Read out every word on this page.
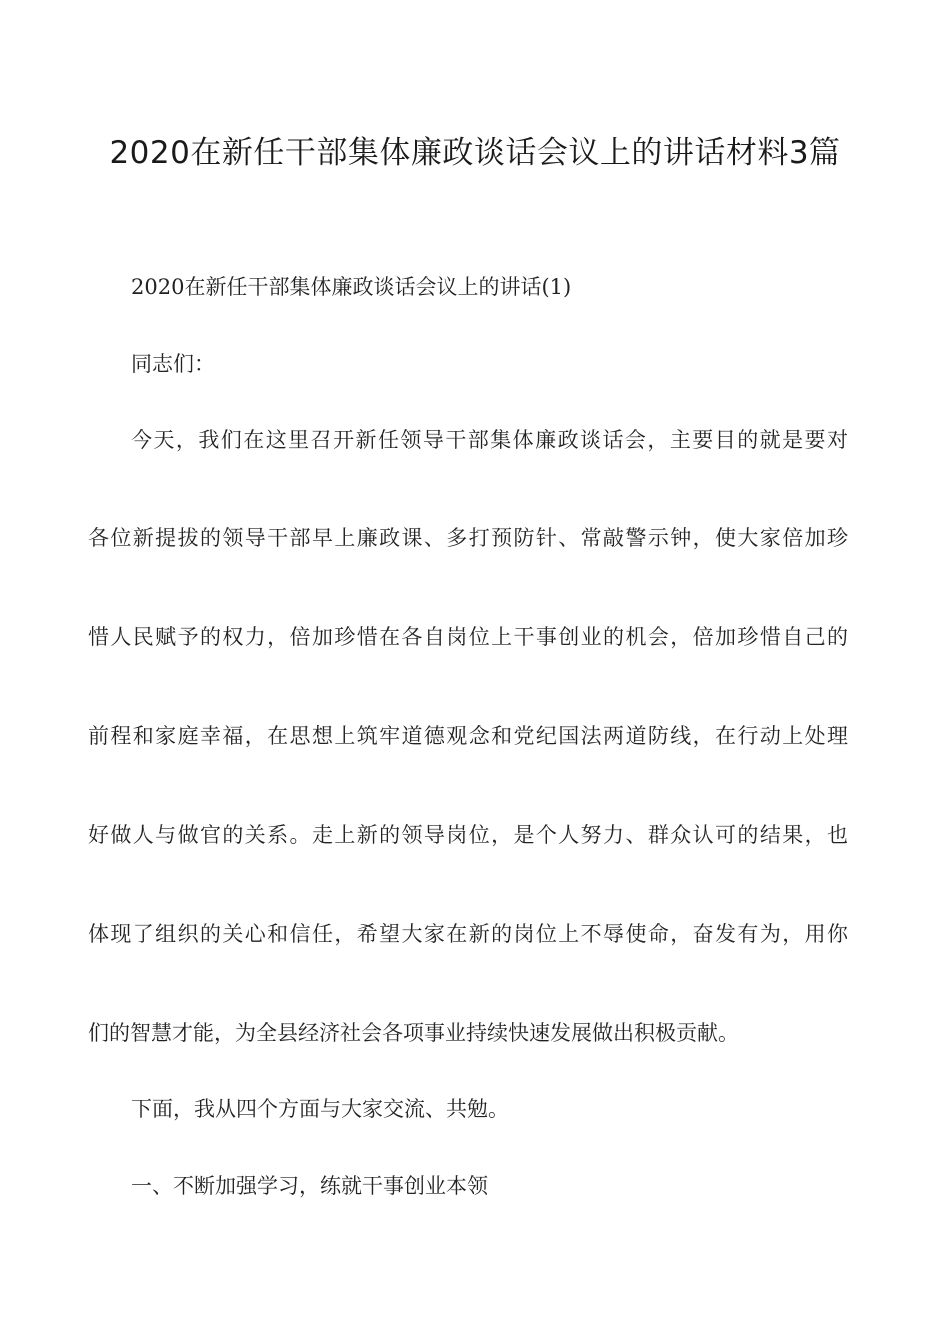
2020在新任干部集体廉政谈话会议上的讲话材料3篇
2020在新任干部集体廉政谈话会议上的讲话(1)
同志们：
今天，我们在这里召开新任领导干部集体廉政谈话会，主要目的就是要对
各位新提拔的领导干部早上廉政课、多打预防针、常敲警示钟，使大家倍加珍
惜人民赋予的权力，倍加珍惜在各自岗位上干事创业的机会，倍加珍惜自己的
前程和家庭幸福，在思想上筑牢道德观念和党纪国法两道防线，在行动上处理
好做人与做官的关系。走上新的领导岗位，是个人努力、群众认可的结果，也
体现了组织的关心和信任，希望大家在新的岗位上不辱使命，奋发有为，用你
们的智慧才能，为全县经济社会各项事业持续快速发展做出积极贡献。
下面，我从四个方面与大家交流、共勉。
一、不断加强学习，练就干事创业本领
